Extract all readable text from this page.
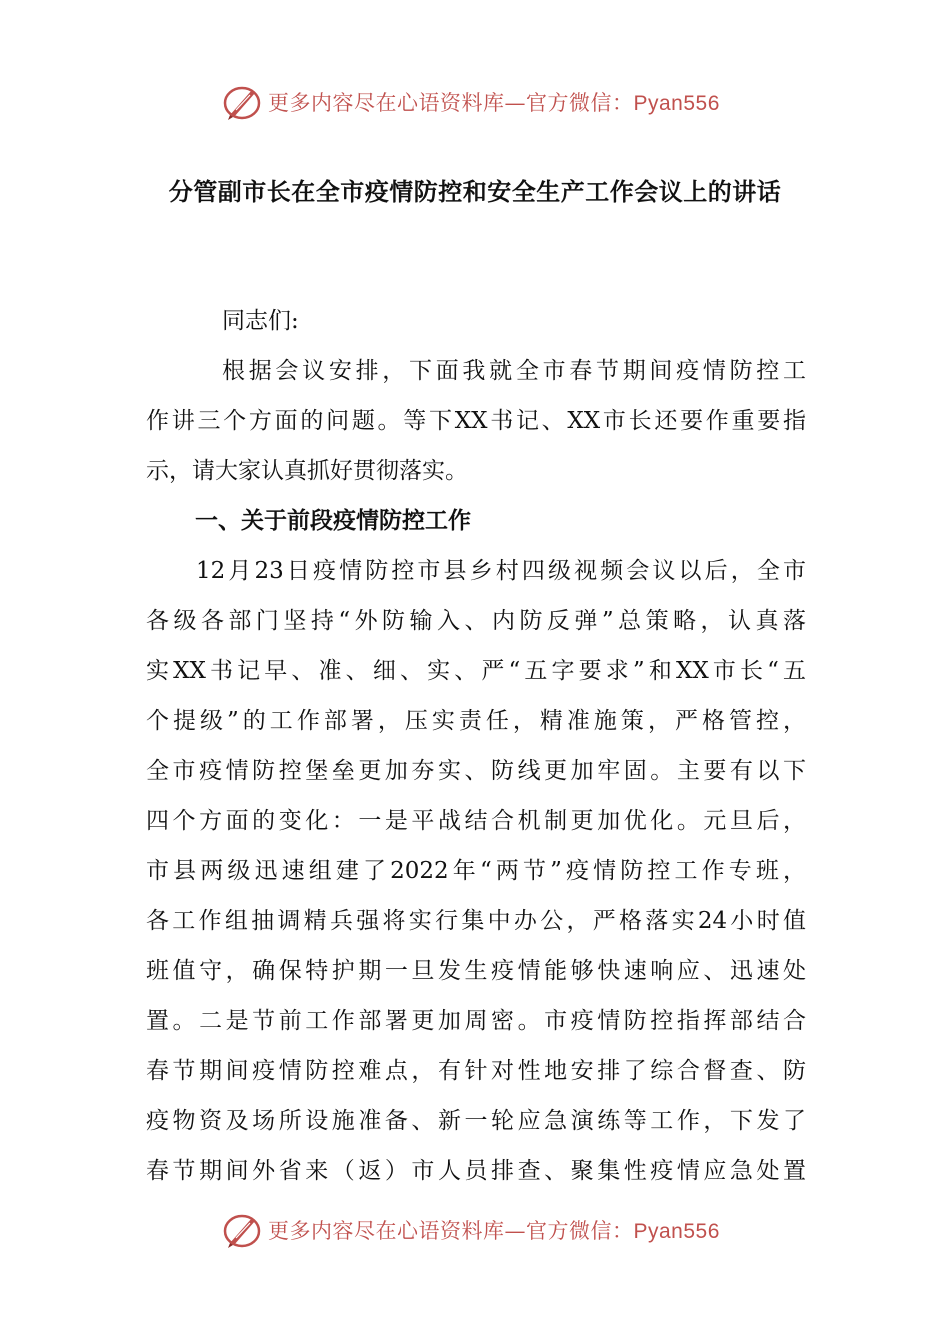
更多内容尽在心语资料库—官方微信：Pyan556
分管副市长在全市疫情防控和安全生产工作会议上的讲话
同志们:
根据会议安排，下面我就全市春节期间疫情防控工
作讲三个方面的问题。等下XX书记、XX市长还要作重要指
示，请大家认真抓好贯彻落实。
一、关于前段疫情防控工作
12月23日疫情防控市县乡村四级视频会议以后，全市
各级各部门坚持“外防输入、内防反弹”总策略，认真落
实XX书记早、准、细、实、严“五字要求”和XX市长“五
个提级”的工作部署，压实责任，精准施策，严格管控，
全市疫情防控堡垒更加夯实、防线更加牢固。主要有以下
四个方面的变化：一是平战结合机制更加优化。元旦后，
市县两级迅速组建了2022年“两节”疫情防控工作专班，
各工作组抽调精兵强将实行集中办公，严格落实24小时值
班值守，确保特护期一旦发生疫情能够快速响应、迅速处
置。二是节前工作部署更加周密。市疫情防控指挥部结合
春节期间疫情防控难点，有针对性地安排了综合督查、防
疫物资及场所设施准备、新一轮应急演练等工作，下发了
春节期间外省来（返）市人员排查、聚集性疫情应急处置
更多内容尽在心语资料库—官方微信：Pyan556
